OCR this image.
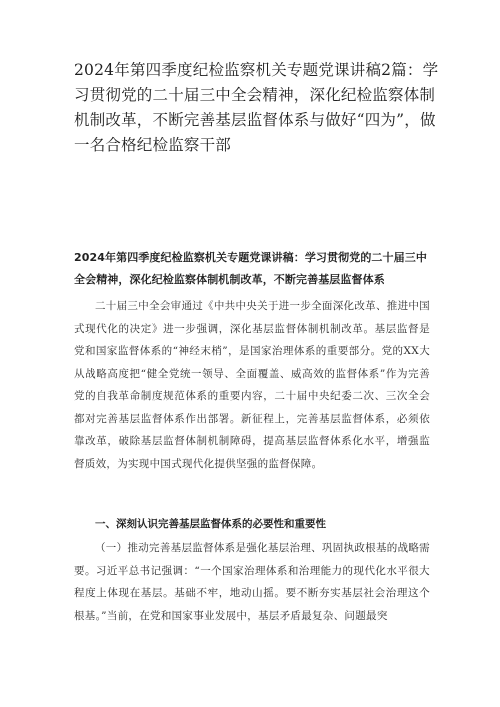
2024年第四季度纪检监察机关专题党课讲稿2篇：学习贯彻党的二十届三中全会精神，深化纪检监察体制机制改革，不断完善基层监督体系与做好“四为”，做一名合格纪检监察干部
2024年第四季度纪检监察机关专题党课讲稿：学习贯彻党的二十届三中全会精神，深化纪检监察体制机制改革，不断完善基层监督体系

二十届三中全会审通过《中共中央关于进一步全面深化改革、推进中国式现代化的决定》进一步强调，深化基层监督体制机制改革。基层监督是党和国家监督体系的“神经末梢”，是国家治理体系的重要部分。党的XX大从战略高度把“健全党统一领导、全面覆盖、威高效的监督体系”作为完善党的自我革命制度规范体系的重要内容，二十届中央纪委二次、三次全会都对完善基层监督体系作出部署。新征程上，完善基层监督体系，必须依靠改革，破除基层监督体制机制障碍，提高基层监督体系化水平，增强监督质效，为实现中国式现代化提供坚强的监督保障。

一、深刻认识完善基层监督体系的必要性和重要性

（一）推动完善基层监督体系是强化基层治理、巩固执政根基的战略需要。习近平总书记强调：“一个国家治理体系和治理能力的现代化水平很大程度上体现在基层。基础不牢，地动山摇。要不断夯实基层社会治理这个根基。”当前，在党和国家事业发展中，基层矛盾最复杂、问题最突
